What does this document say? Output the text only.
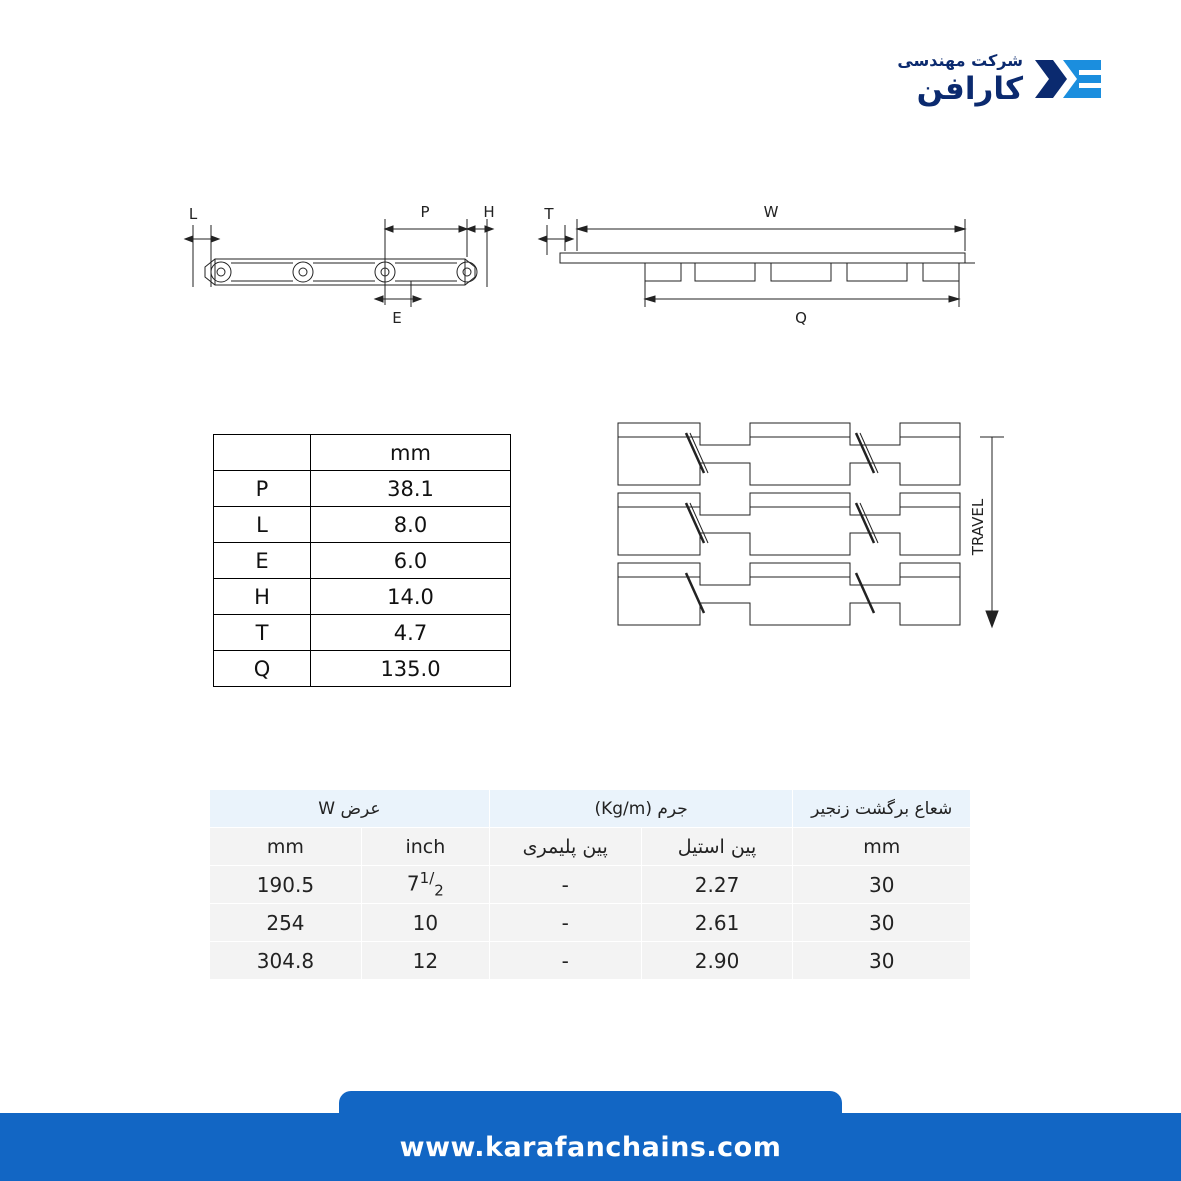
شرکت مهندسی
کارافن
L	P	H
E
T	W
Q
TRAVEL
	mm
P	38.1
L	8.0
E	6.0
H	14.0
T	4.7
Q	135.0
عرض W		جرم (Kg/m)		شعاع برگشت زنجیر
mm	inch	پین پلیمری	پین استیل	mm
190.5	$7^{1/}_2$	-	2.27	30
254	10	-	2.61	30
304.8	12	-	2.90	30
www.karafanchains.com
